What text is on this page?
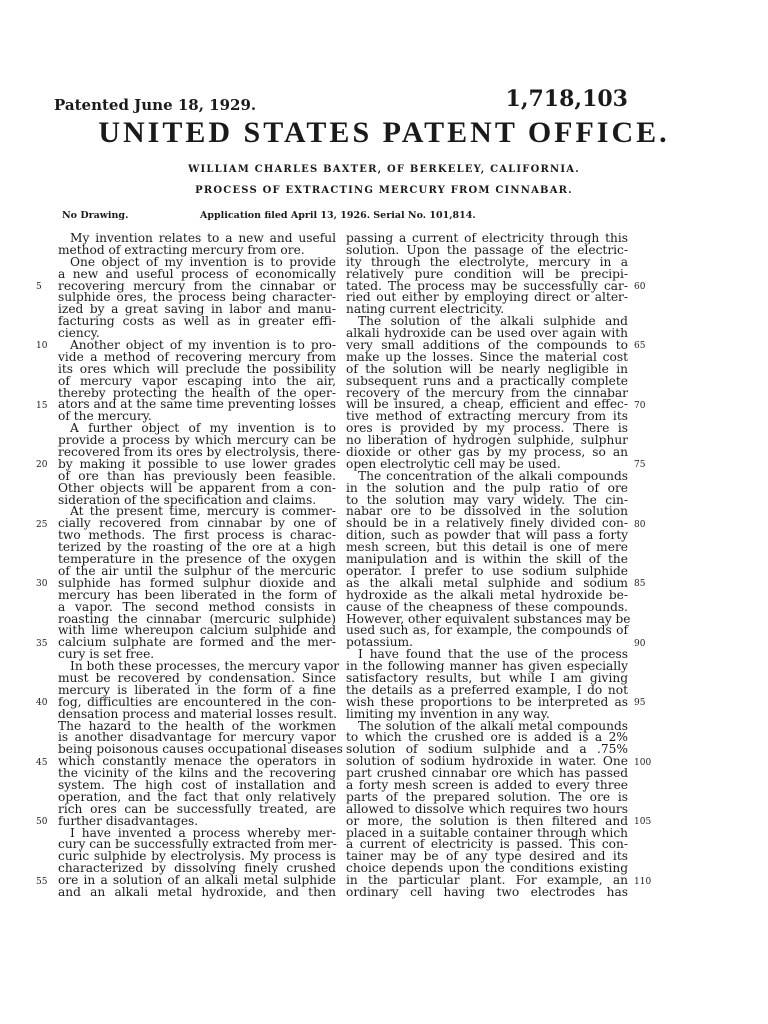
Patented June 18, 1929.	1,718,103
UNITED STATES PATENT OFFICE.
WILLIAM CHARLES BAXTER, OF BERKELEY, CALIFORNIA.
PROCESS OF EXTRACTING MERCURY FROM CINNABAR.
No Drawing.	Application filed April 13, 1926. Serial No. 101,814.
My invention relates to a new and useful
method of extracting mercury from ore.
One object of my invention is to provide
a new and useful process of economically
recovering mercury from the cinnabar or
sulphide ores, the process being character-
ized by a great saving in labor and manu-
facturing costs as well as in greater effi-
ciency.
Another object of my invention is to pro-
vide a method of recovering mercury from
its ores which will preclude the possibility
of mercury vapor escaping into the air,
thereby protecting the health of the oper-
ators and at the same time preventing losses
of the mercury.
A further object of my invention is to
provide a process by which mercury can be
recovered from its ores by electrolysis, there-
by making it possible to use lower grades
of ore than has previously been feasible.
Other objects will be apparent from a con-
sideration of the specification and claims.
At the present time, mercury is commer-
cially recovered from cinnabar by one of
two methods. The first process is charac-
terized by the roasting of the ore at a high
temperature in the presence of the oxygen
of the air until the sulphur of the mercuric
sulphide has formed sulphur dioxide and
mercury has been liberated in the form of
a vapor. The second method consists in
roasting the cinnabar (mercuric sulphide)
with lime whereupon calcium sulphide and
calcium sulphate are formed and the mer-
cury is set free.
In both these processes, the mercury vapor
must be recovered by condensation. Since
mercury is liberated in the form of a fine
fog, difficulties are encountered in the con-
densation process and material losses result.
The hazard to the health of the workmen
is another disadvantage for mercury vapor
being poisonous causes occupational diseases
which constantly menace the operators in
the vicinity of the kilns and the recovering
system. The high cost of installation and
operation, and the fact that only relatively
rich ores can be successfully treated, are
further disadvantages.
I have invented a process whereby mer-
cury can be successfully extracted from mer-
curic sulphide by electrolysis. My process is
characterized by dissolving finely crushed
ore in a solution of an alkali metal sulphide
and an alkali metal hydroxide, and then
passing a current of electricity through this
solution. Upon the passage of the electric-
ity through the electrolyte, mercury in a
relatively pure condition will be precipi-
tated. The process may be successfully car-
ried out either by employing direct or alter-
nating current electricity.
The solution of the alkali sulphide and
alkali hydroxide can be used over again with
very small additions of the compounds to
make up the losses. Since the material cost
of the solution will be nearly negligible in
subsequent runs and a practically complete
recovery of the mercury from the cinnabar
will be insured, a cheap, efficient and effec-
tive method of extracting mercury from its
ores is provided by my process. There is
no liberation of hydrogen sulphide, sulphur
dioxide or other gas by my process, so an
open electrolytic cell may be used.
The concentration of the alkali compounds
in the solution and the pulp ratio of ore
to the solution may vary widely. The cin-
nabar ore to be dissolved in the solution
should be in a relatively finely divided con-
dition, such as powder that will pass a forty
mesh screen, but this detail is one of mere
manipulation and is within the skill of the
operator. I prefer to use sodium sulphide
as the alkali metal sulphide and sodium
hydroxide as the alkali metal hydroxide be-
cause of the cheapness of these compounds.
However, other equivalent substances may be
used such as, for example, the compounds of
potassium.
I have found that the use of the process
in the following manner has given especially
satisfactory results, but while I am giving
the details as a preferred example, I do not
wish these proportions to be interpreted as
limiting my invention in any way.
The solution of the alkali metal compounds
to which the crushed ore is added is a 2%
solution of sodium sulphide and a .75%
solution of sodium hydroxide in water. One
part crushed cinnabar ore which has passed
a forty mesh screen is added to every three
parts of the prepared solution. The ore is
allowed to dissolve which requires two hours
or more, the solution is then filtered and
placed in a suitable container through which
a current of electricity is passed. This con-
tainer may be of any type desired and its
choice depends upon the conditions existing
in the particular plant. For example, an
ordinary cell having two electrodes has
5
10
15
20
25
30
35
40
45
50
55
60
65
70
75
80
85
90
95
100
105
110
